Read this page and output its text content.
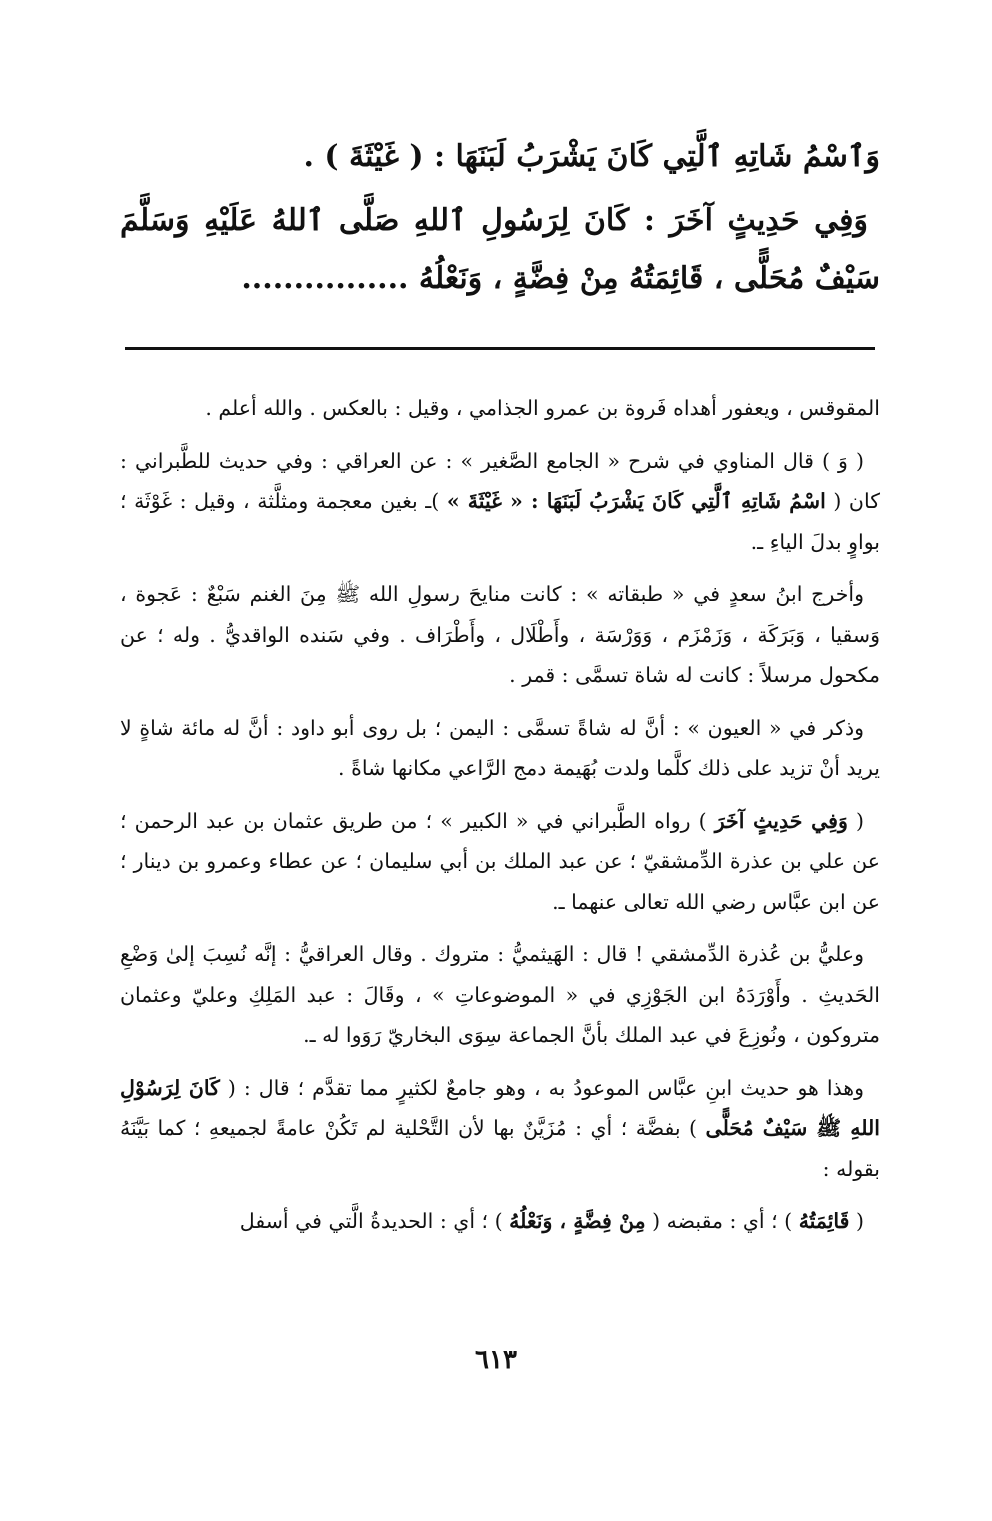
وَٱسْمُ شَاتِهِ ٱلَّتِي كَانَ يَشْرَبُ لَبَنَهَا : ( غَيْثَةَ ) .

وَفِي حَدِيثٍ آخَرَ : كَانَ لِرَسُولِ ٱللهِ صَلَّى ٱللهُ عَلَيْهِ وَسَلَّمَ سَيْفٌ مُحَلًّى ، قَائِمَتُهُ مِنْ فِضَّةٍ ، وَنَعْلُهُ ................

المقوقس ، ويعفور أهداه فَروة بن عمرو الجذامي ، وقيل : بالعكس . والله أعلم .

( وَ ) قال المناوي في شرح « الجامع الصَّغير » : عن العراقي : وفي حديث للطَّبراني : كان ( اسْمُ شَاتِهِ ٱلَّتِي كَانَ يَشْرَبُ لَبَنَهَا : « غَيْثَةَ » )ـ بغين معجمة ومثلَّثة ، وقيل : غَوْثَة ؛ بواوٍ بدلَ الياءِ ـ.

وأخرج ابنُ سعدٍ في « طبقاته » : كانت منايحَ رسولِ الله ﷺ مِنَ الغنم سَبْعٌ : عَجوة ، وَسقيا ، وَبَرَكَة ، وَزَمْزَم ، وَوَرْسَة ، وأَطْلَال ، وأَطْرَاف . وفي سَنده الواقديُّ . وله ؛ عن مكحول مرسلاً : كانت له شاة تسمَّى : قمر .

وذكر في « العيون » : أنَّ له شاةً تسمَّى : اليمن ؛ بل روى أبو داود : أنَّ له مائة شاةٍ لا يريد أنْ تزيد على ذلك كلَّما ولدت بُهَيمة دمج الرَّاعي مكانها شاةً .

( وَفِي حَدِيثٍ آخَرَ ) رواه الطَّبراني في « الكبير » ؛ من طريق عثمان بن عبد الرحمن ؛ عن علي بن عذرة الدِّمشقيّ ؛ عن عبد الملك بن أبي سليمان ؛ عن عطاء وعمرو بن دينار ؛ عن ابن عبَّاس رضي الله تعالى عنهما ـ.

وعليُّ بن عُذرة الدِّمشقي ! قال : الهَيثميُّ : متروك . وقال العراقيُّ : إنَّه نُسِبَ إلىٰ وَضْعِ الحَديثِ . وأَوْرَدَهُ ابن الجَوْزِي في « الموضوعاتِ » ، وقَالَ : عبد المَلِكِ وعليّ وعثمان متروكون ، ونُوزِعَ في عبد الملك بأنَّ الجماعة سِوَى البخاريّ رَوَوا له ـ.

وهذا هو حديث ابنِ عبَّاس الموعودُ به ، وهو جامعٌ لكثيرٍ مما تقدَّم ؛ قال : ( كَانَ لِرَسُوْلِ اللهِ ﷺ سَيْفٌ مُحَلًّى ) بفضَّة ؛ أي : مُزَيَّنٌ بها لأن التَّحْلية لم تَكُنْ عامةً لجميعهِ ؛ كما بَيَّنَهُ بقوله :

( قَائِمَتُهُ ) ؛ أي : مقبضه ( مِنْ فِضَّةٍ ، وَنَعْلُهُ ) ؛ أي : الحديدةُ الَّتي في أسفل

٦١٣
